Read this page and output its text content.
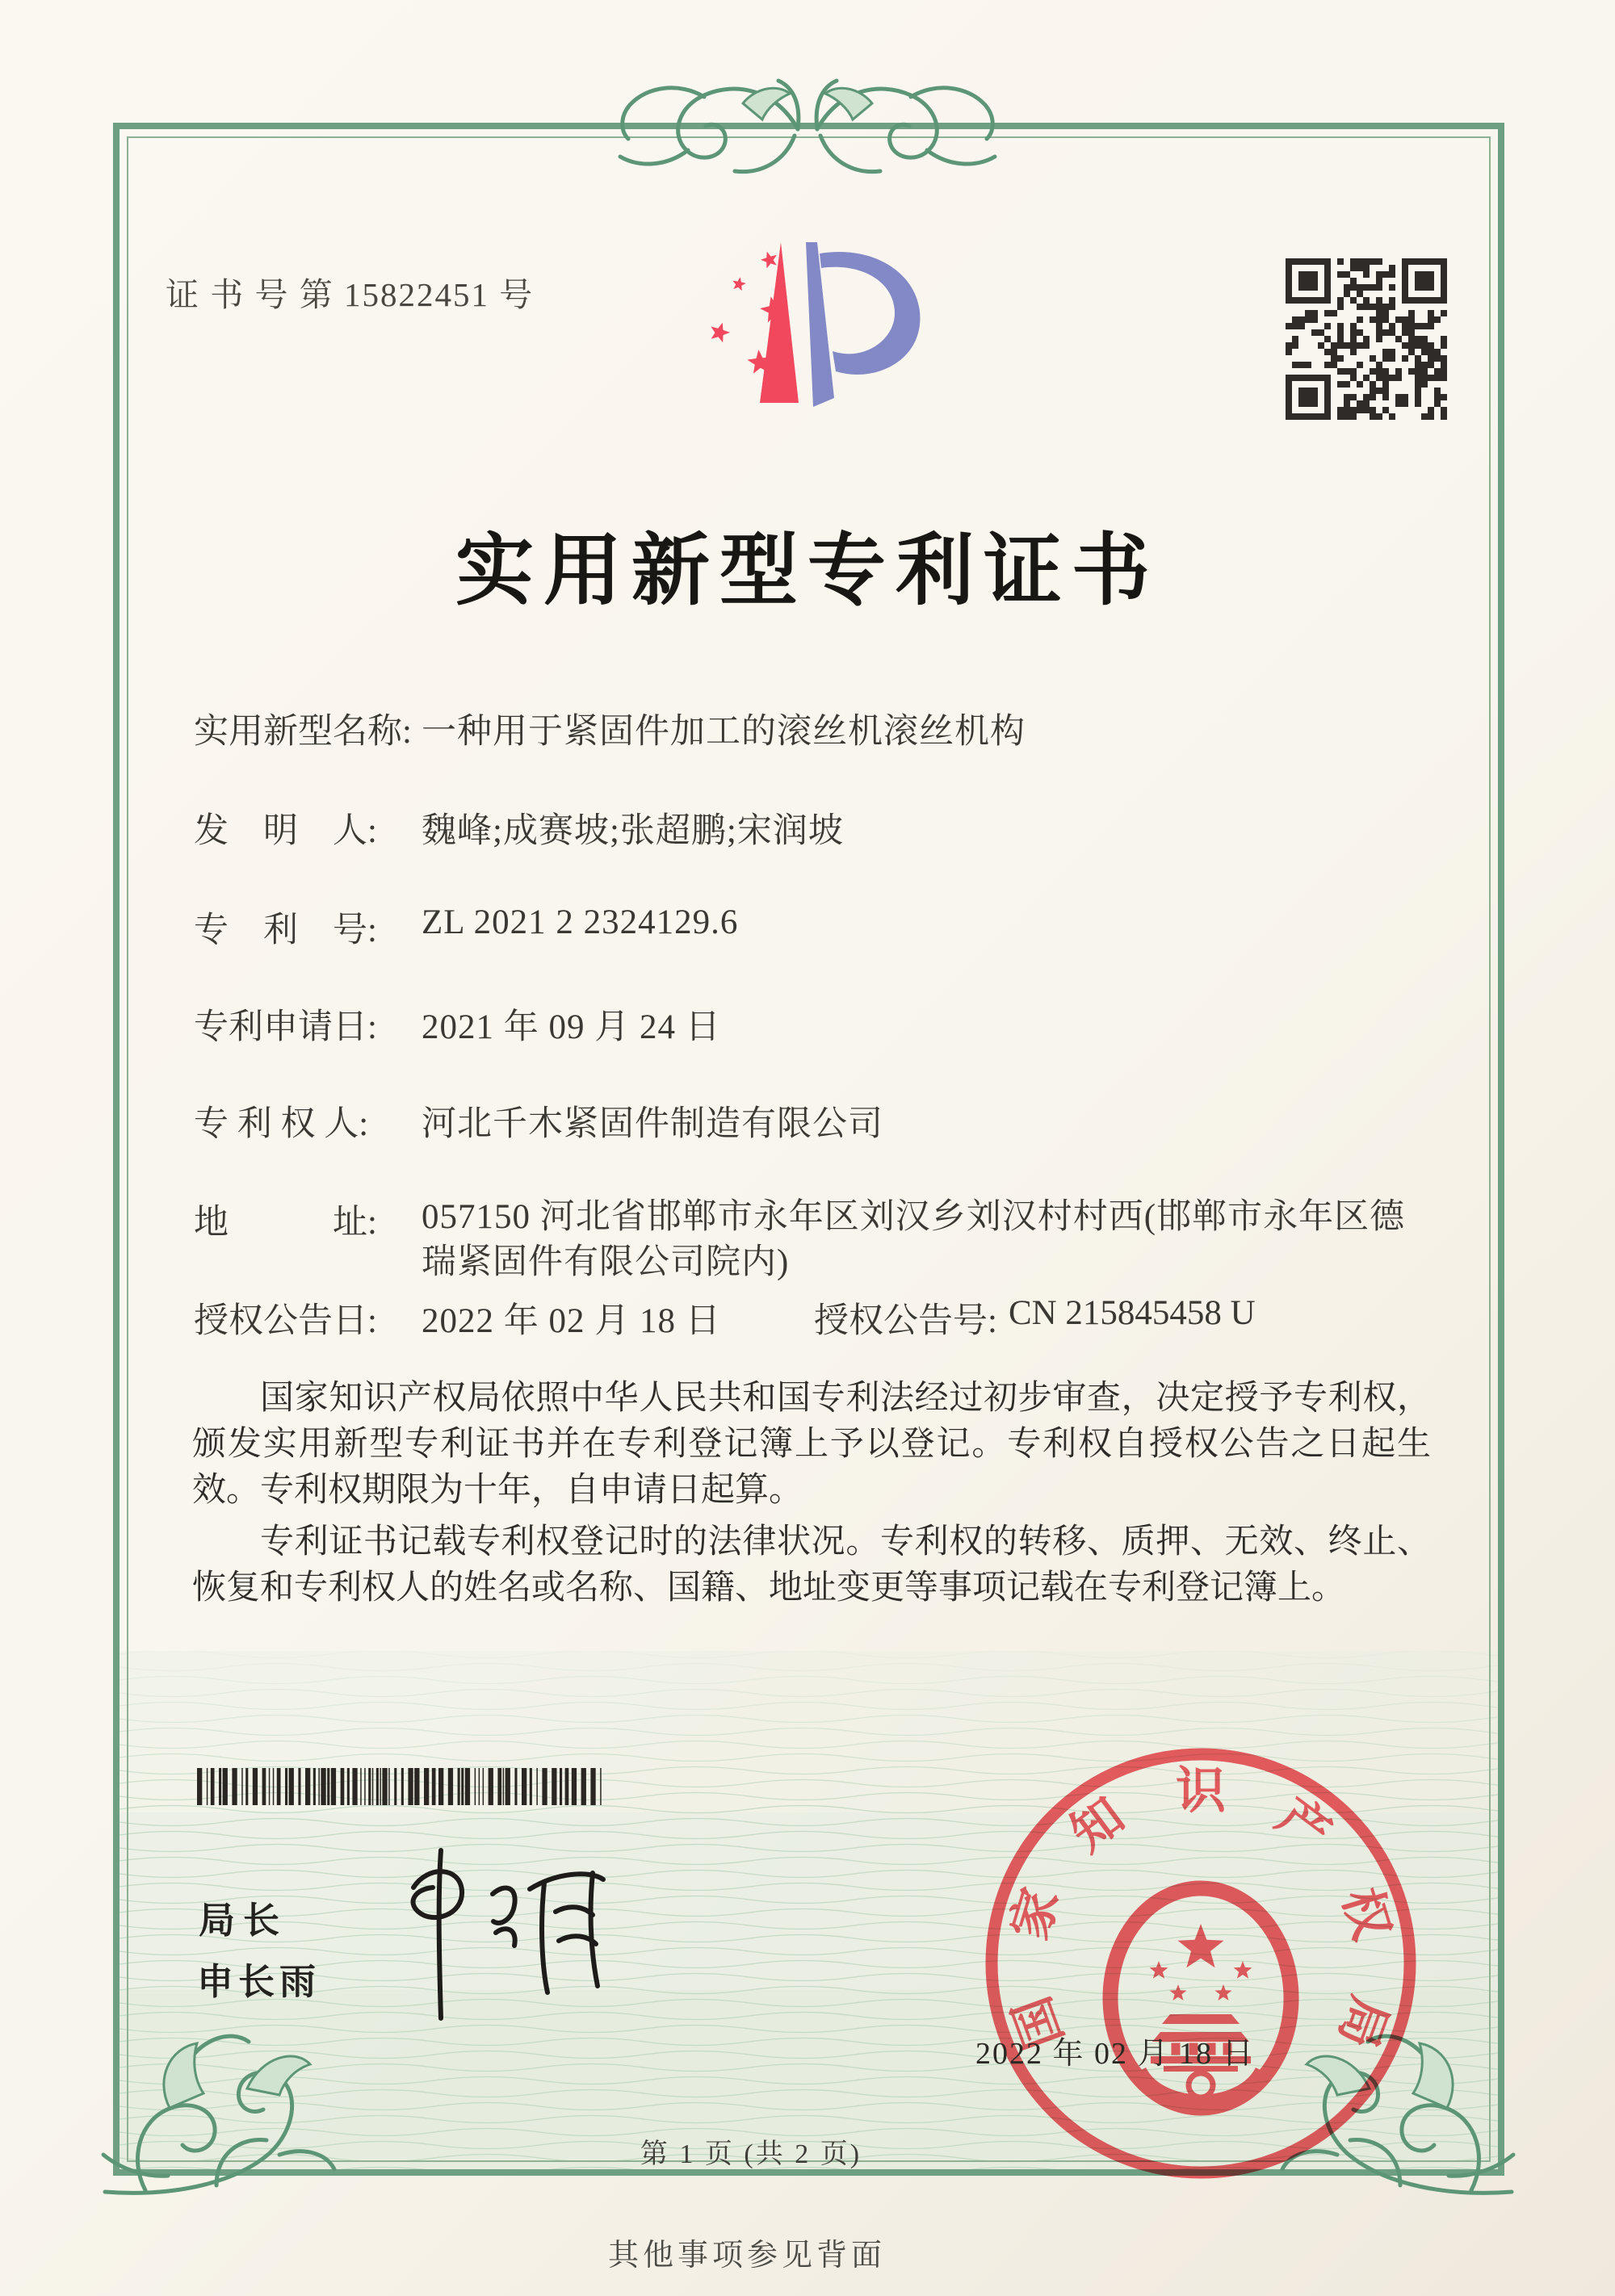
证 书 号 第 15822451 号
实用新型专利证书
实用新型名称: 一种用于紧固件加工的滚丝机滚丝机构
发　明　人:	魏峰;成赛坡;张超鹏;宋润坡
专　利　号:	ZL 2021 2 2324129.6
专利申请日:	2021 年 09 月 24 日
专 利 权 人:	河北千木紧固件制造有限公司
地　　　址:	057150 河北省邯郸市永年区刘汉乡刘汉村村西(邯郸市永年区德瑞紧固件有限公司院内)
授权公告日:	2022 年 02 月 18 日	授权公告号: CN 215845458 U

国家知识产权局依照中华人民共和国专利法经过初步审查，决定授予专利权，颁发实用新型专利证书并在专利登记簿上予以登记。专利权自授权公告之日起生效。专利权期限为十年，自申请日起算。

专利证书记载专利权登记时的法律状况。专利权的转移、质押、无效、终止、恢复和专利权人的姓名或名称、国籍、地址变更等事项记载在专利登记簿上。

局长
申长雨
国
家
知 识 产
权
局
2022 年 02 月 18 日
第 1 页 (共 2 页)
其他事项参见背面
